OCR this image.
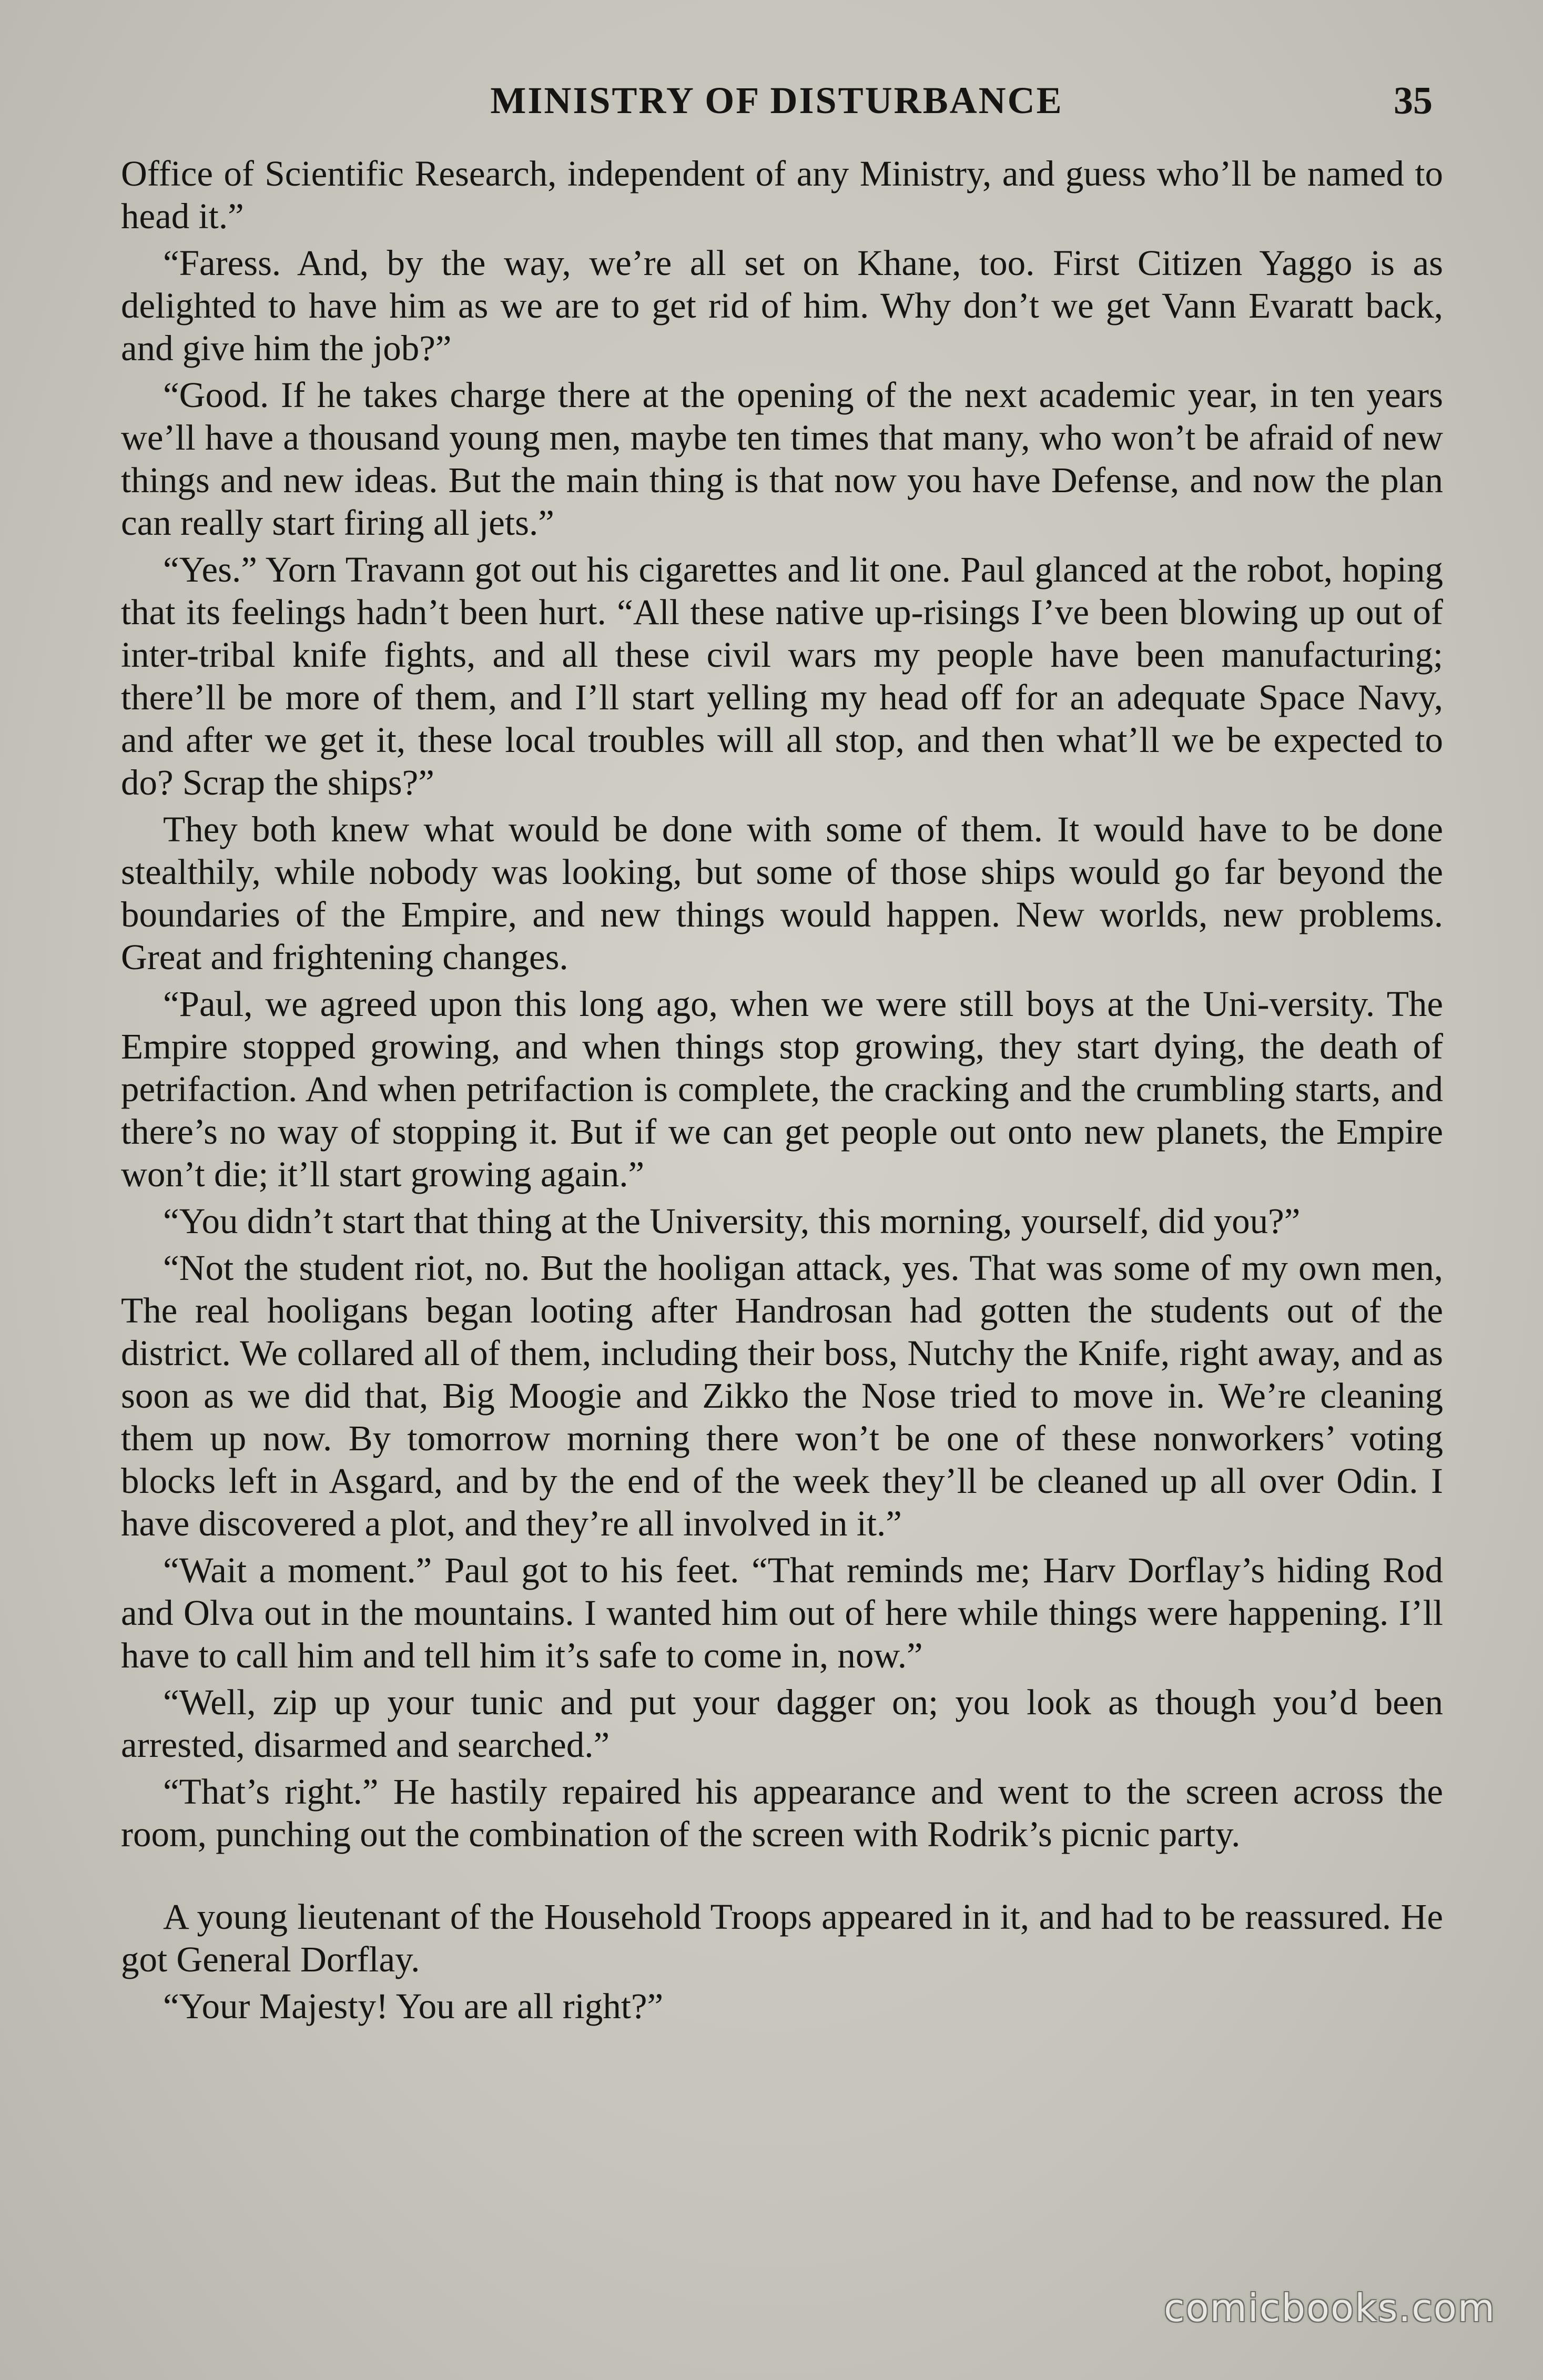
MINISTRY OF DISTURBANCE	35

Office of Scientific Research, independent of any Ministry, and guess who’ll be named to head it.”

“Faress. And, by the way, we’re all set on Khane, too. First Citizen Yaggo is as delighted to have him as we are to get rid of him. Why don’t we get Vann Evaratt back, and give him the job?”

“Good. If he takes charge there at the opening of the next academic year, in ten years we’ll have a thousand young men, maybe ten times that many, who won’t be afraid of new things and new ideas. But the main thing is that now you have Defense, and now the plan can really start firing all jets.”

“Yes.” Yorn Travann got out his cigarettes and lit one. Paul glanced at the robot, hoping that its feelings hadn’t been hurt. “All these native up-risings I’ve been blowing up out of inter-tribal knife fights, and all these civil wars my people have been manufacturing; there’ll be more of them, and I’ll start yelling my head off for an adequate Space Navy, and after we get it, these local troubles will all stop, and then what’ll we be expected to do? Scrap the ships?”

They both knew what would be done with some of them. It would have to be done stealthily, while nobody was looking, but some of those ships would go far beyond the boundaries of the Empire, and new things would happen. New worlds, new problems. Great and frightening changes.

“Paul, we agreed upon this long ago, when we were still boys at the Uni-versity. The Empire stopped growing, and when things stop growing, they start dying, the death of petrifaction. And when petrifaction is complete, the cracking and the crumbling starts, and there’s no way of stopping it. But if we can get people out onto new planets, the Empire won’t die; it’ll start growing again.”

“You didn’t start that thing at the University, this morning, yourself, did you?”

“Not the student riot, no. But the hooligan attack, yes. That was some of my own men, The real hooligans began looting after Handrosan had gotten the students out of the district. We collared all of them, including their boss, Nutchy the Knife, right away, and as soon as we did that, Big Moogie and Zikko the Nose tried to move in. We’re cleaning them up now. By tomorrow morning there won’t be one of these nonworkers’ voting blocks left in Asgard, and by the end of the week they’ll be cleaned up all over Odin. I have discovered a plot, and they’re all involved in it.”

“Wait a moment.” Paul got to his feet. “That reminds me; Harv Dorflay’s hiding Rod and Olva out in the mountains. I wanted him out of here while things were happening. I’ll have to call him and tell him it’s safe to come in, now.”

“Well, zip up your tunic and put your dagger on; you look as though you’d been arrested, disarmed and searched.”

“That’s right.” He hastily repaired his appearance and went to the screen across the room, punching out the combination of the screen with Rodrik’s picnic party.

A young lieutenant of the Household Troops appeared in it, and had to be reassured. He got General Dorflay.

“Your Majesty! You are all right?”

comicbooks.com
